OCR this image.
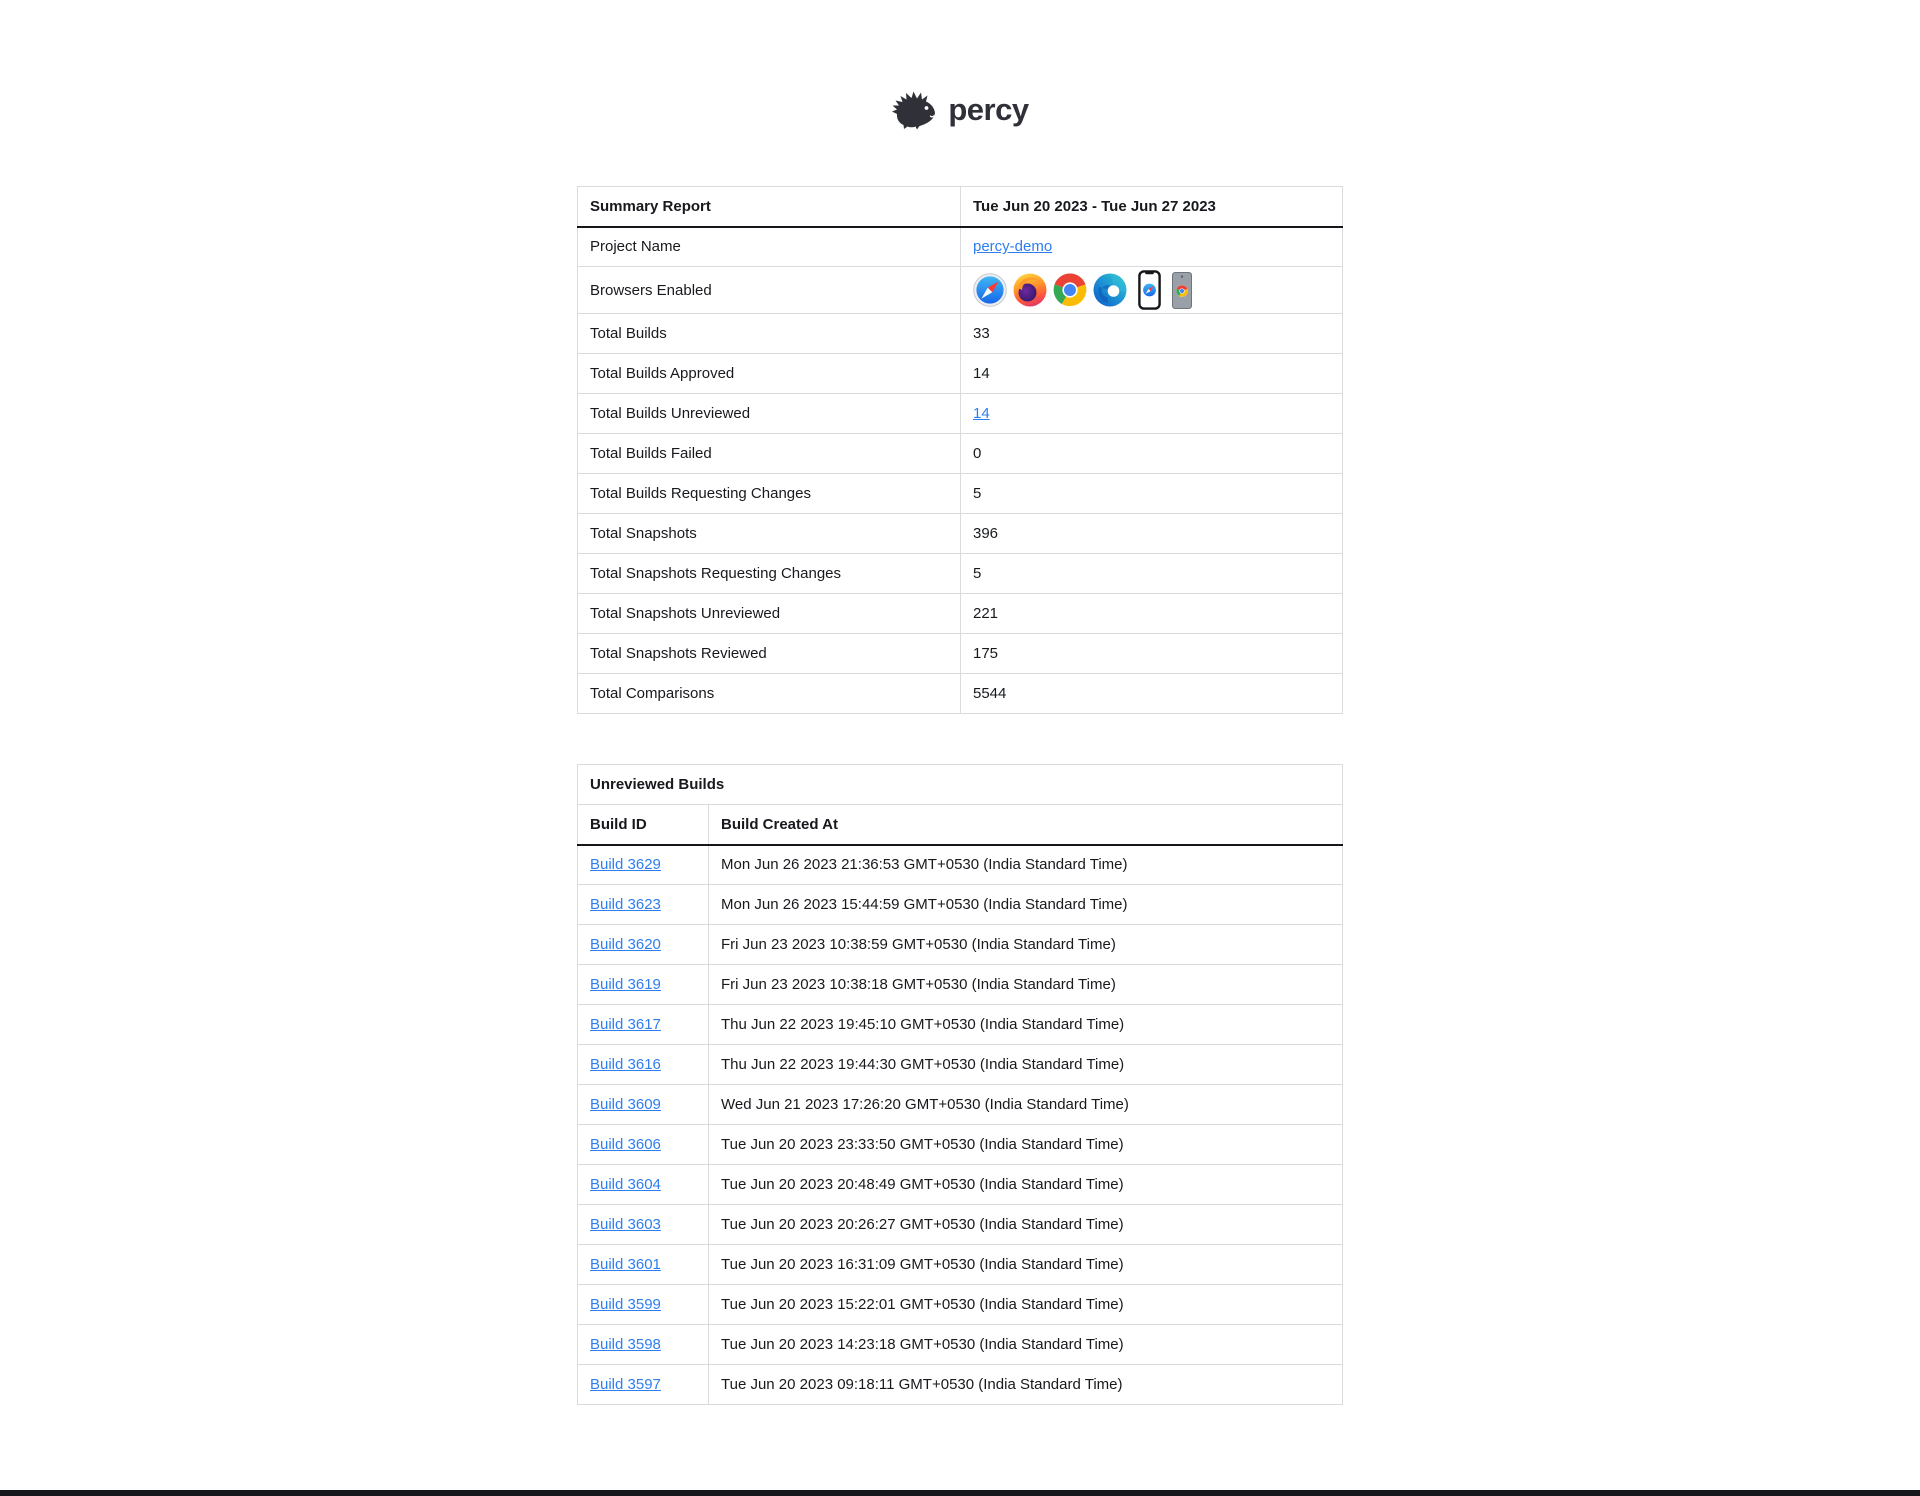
percy
Summary Report	Tue Jun 20 2023 - Tue Jun 27 2023
Project Name	percy-demo
Browsers Enabled	

Total Builds	33
Total Builds Approved	14
Total Builds Unreviewed	14
Total Builds Failed	0
Total Builds Requesting Changes	5
Total Snapshots	396
Total Snapshots Requesting Changes	5
Total Snapshots Unreviewed	221
Total Snapshots Reviewed	175
Total Comparisons	5544
Unreviewed Builds	
Build ID	Build Created At
Build 3629	Mon Jun 26 2023 21:36:53 GMT+0530 (India Standard Time)
Build 3623	Mon Jun 26 2023 15:44:59 GMT+0530 (India Standard Time)
Build 3620	Fri Jun 23 2023 10:38:59 GMT+0530 (India Standard Time)
Build 3619	Fri Jun 23 2023 10:38:18 GMT+0530 (India Standard Time)
Build 3617	Thu Jun 22 2023 19:45:10 GMT+0530 (India Standard Time)
Build 3616	Thu Jun 22 2023 19:44:30 GMT+0530 (India Standard Time)
Build 3609	Wed Jun 21 2023 17:26:20 GMT+0530 (India Standard Time)
Build 3606	Tue Jun 20 2023 23:33:50 GMT+0530 (India Standard Time)
Build 3604	Tue Jun 20 2023 20:48:49 GMT+0530 (India Standard Time)
Build 3603	Tue Jun 20 2023 20:26:27 GMT+0530 (India Standard Time)
Build 3601	Tue Jun 20 2023 16:31:09 GMT+0530 (India Standard Time)
Build 3599	Tue Jun 20 2023 15:22:01 GMT+0530 (India Standard Time)
Build 3598	Tue Jun 20 2023 14:23:18 GMT+0530 (India Standard Time)
Build 3597	Tue Jun 20 2023 09:18:11 GMT+0530 (India Standard Time)
